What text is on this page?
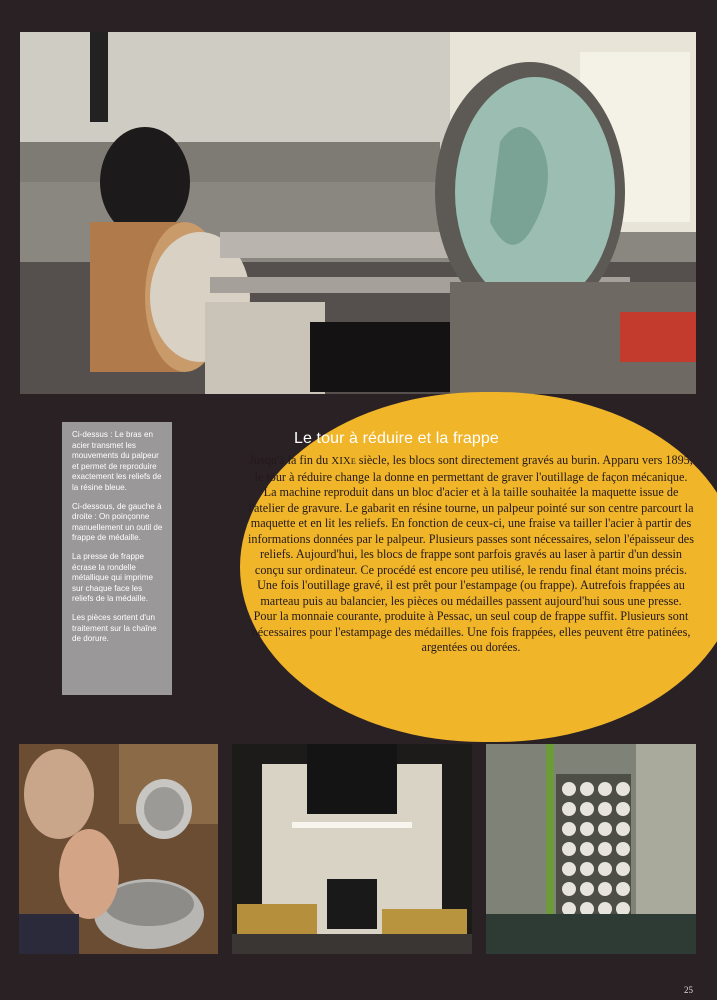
Ci-dessus : Le bras en acier transmet les mouvements du palpeur et permet de reproduire exactement les reliefs de la résine bleue.

Ci-dessous, de gauche à droite : On poinçonne manuellement un outil de frappe de médaille.

La presse de frappe écrase la rondelle métallique qui imprime sur chaque face les reliefs de la médaille.

Les pièces sortent d'un traitement sur la chaîne de dorure.

Le tour à réduire et la frappe
Jusqu'à la fin du XIXe siècle, les blocs sont directement gravés au burin. Apparu vers 1895, le tour à réduire change la donne en permettant de graver l'outillage de façon mécanique. La machine reproduit dans un bloc d'acier et à la taille souhaitée la maquette issue de l'atelier de gravure. Le gabarit en résine tourne, un palpeur pointé sur son centre parcourt la maquette et en lit les reliefs. En fonction de ceux-ci, une fraise va tailler l'acier à partir des informations données par le palpeur. Plusieurs passes sont nécessaires, selon l'épaisseur des reliefs. Aujourd'hui, les blocs de frappe sont parfois gravés au laser à partir d'un dessin conçu sur ordinateur. Ce procédé est encore peu utilisé, le rendu final étant moins précis. Une fois l'outillage gravé, il est prêt pour l'estampage (ou frappe). Autrefois frappées au marteau puis au balancier, les pièces ou médailles passent aujourd'hui sous une presse. Pour la monnaie courante, produite à Pessac, un seul coup de frappe suffit. Plusieurs sont nécessaires pour l'estampage des médailles. Une fois frappées, elles peuvent être patinées, argentées ou dorées.
25
